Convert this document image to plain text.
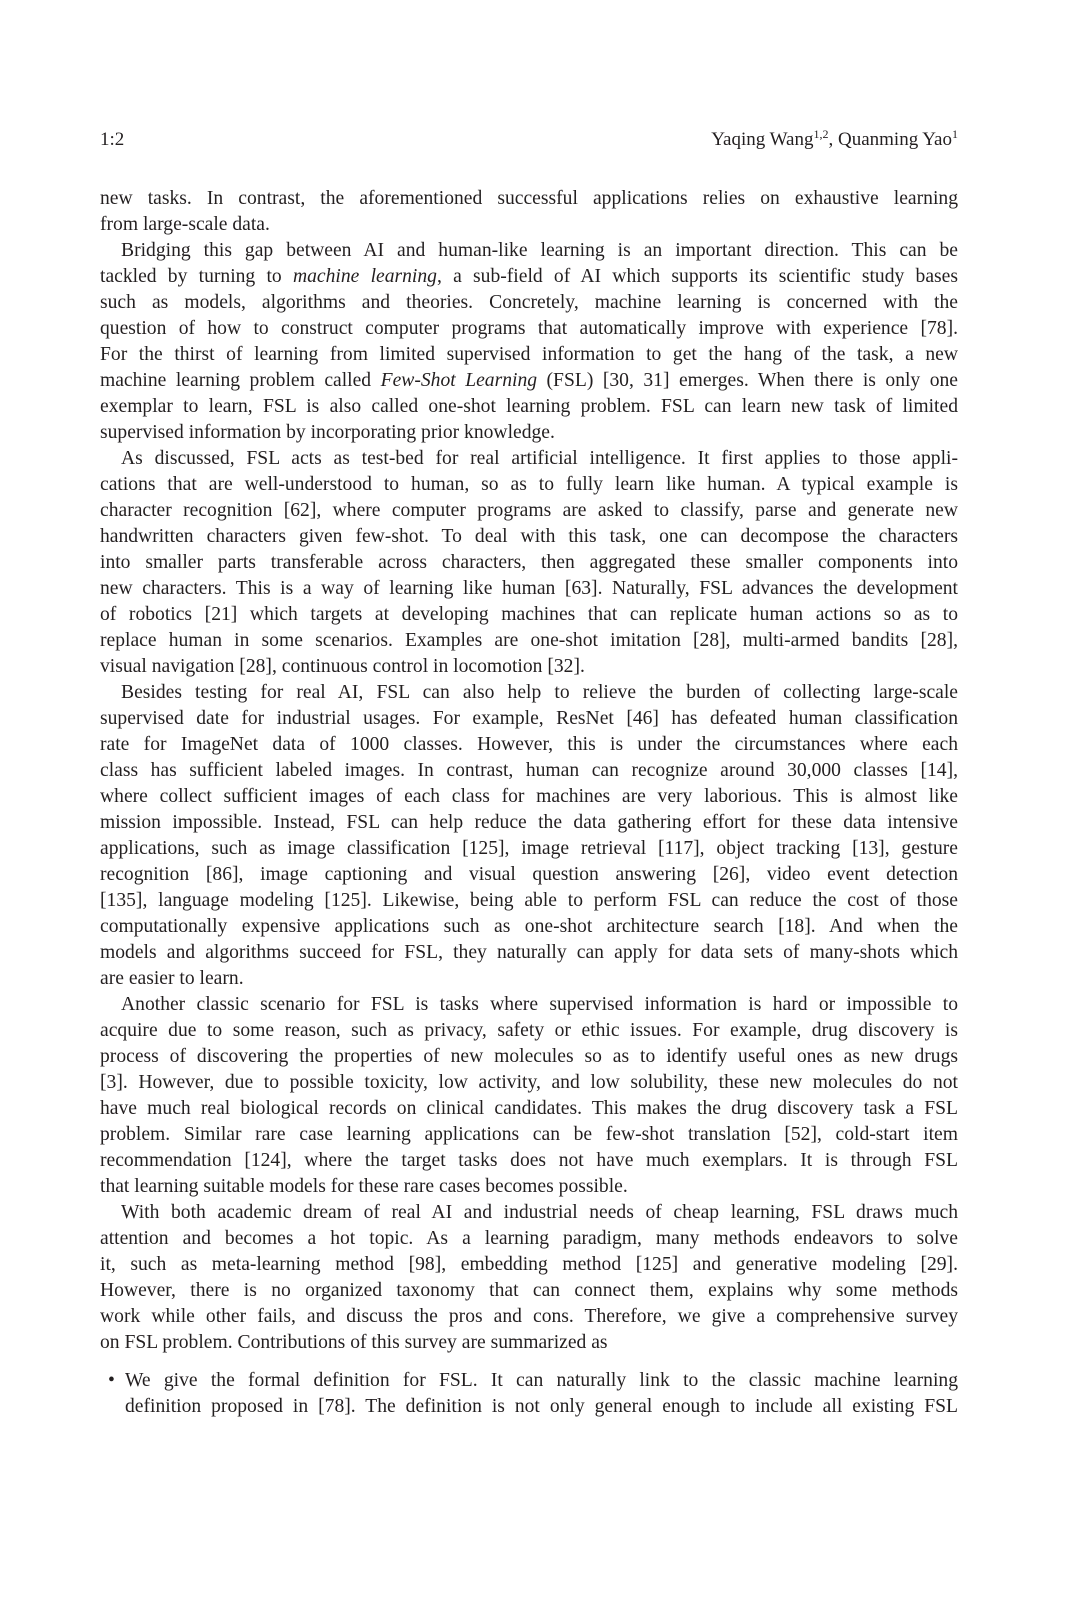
1:2	Yaqing Wang$^{1,2}$, Quanming Yao$^1$
new tasks. In contrast, the aforementioned successful applications relies on exhaustive learning
from large-scale data.
Bridging this gap between AI and human-like learning is an important direction. This can be
tackled by turning to machine learning, a sub-field of AI which supports its scientific study bases
such as models, algorithms and theories. Concretely, machine learning is concerned with the
question of how to construct computer programs that automatically improve with experience [78].
For the thirst of learning from limited supervised information to get the hang of the task, a new
machine learning problem called Few-Shot Learning (FSL) [30, 31] emerges. When there is only one
exemplar to learn, FSL is also called one-shot learning problem. FSL can learn new task of limited
supervised information by incorporating prior knowledge.
As discussed, FSL acts as test-bed for real artificial intelligence. It first applies to those appli-
cations that are well-understood to human, so as to fully learn like human. A typical example is
character recognition [62], where computer programs are asked to classify, parse and generate new
handwritten characters given few-shot. To deal with this task, one can decompose the characters
into smaller parts transferable across characters, then aggregated these smaller components into
new characters. This is a way of learning like human [63]. Naturally, FSL advances the development
of robotics [21] which targets at developing machines that can replicate human actions so as to
replace human in some scenarios. Examples are one-shot imitation [28], multi-armed bandits [28],
visual navigation [28], continuous control in locomotion [32].
Besides testing for real AI, FSL can also help to relieve the burden of collecting large-scale
supervised date for industrial usages. For example, ResNet [46] has defeated human classification
rate for ImageNet data of 1000 classes. However, this is under the circumstances where each
class has sufficient labeled images. In contrast, human can recognize around 30,000 classes [14],
where collect sufficient images of each class for machines are very laborious. This is almost like
mission impossible. Instead, FSL can help reduce the data gathering effort for these data intensive
applications, such as image classification [125], image retrieval [117], object tracking [13], gesture
recognition [86], image captioning and visual question answering [26], video event detection
[135], language modeling [125]. Likewise, being able to perform FSL can reduce the cost of those
computationally expensive applications such as one-shot architecture search [18]. And when the
models and algorithms succeed for FSL, they naturally can apply for data sets of many-shots which
are easier to learn.
Another classic scenario for FSL is tasks where supervised information is hard or impossible to
acquire due to some reason, such as privacy, safety or ethic issues. For example, drug discovery is
process of discovering the properties of new molecules so as to identify useful ones as new drugs
[3]. However, due to possible toxicity, low activity, and low solubility, these new molecules do not
have much real biological records on clinical candidates. This makes the drug discovery task a FSL
problem. Similar rare case learning applications can be few-shot translation [52], cold-start item
recommendation [124], where the target tasks does not have much exemplars. It is through FSL
that learning suitable models for these rare cases becomes possible.
With both academic dream of real AI and industrial needs of cheap learning, FSL draws much
attention and becomes a hot topic. As a learning paradigm, many methods endeavors to solve
it, such as meta-learning method [98], embedding method [125] and generative modeling [29].
However, there is no organized taxonomy that can connect them, explains why some methods
work while other fails, and discuss the pros and cons. Therefore, we give a comprehensive survey
on FSL problem. Contributions of this survey are summarized as
• We give the formal definition for FSL. It can naturally link to the classic machine learning
definition proposed in [78]. The definition is not only general enough to include all existing FSL
